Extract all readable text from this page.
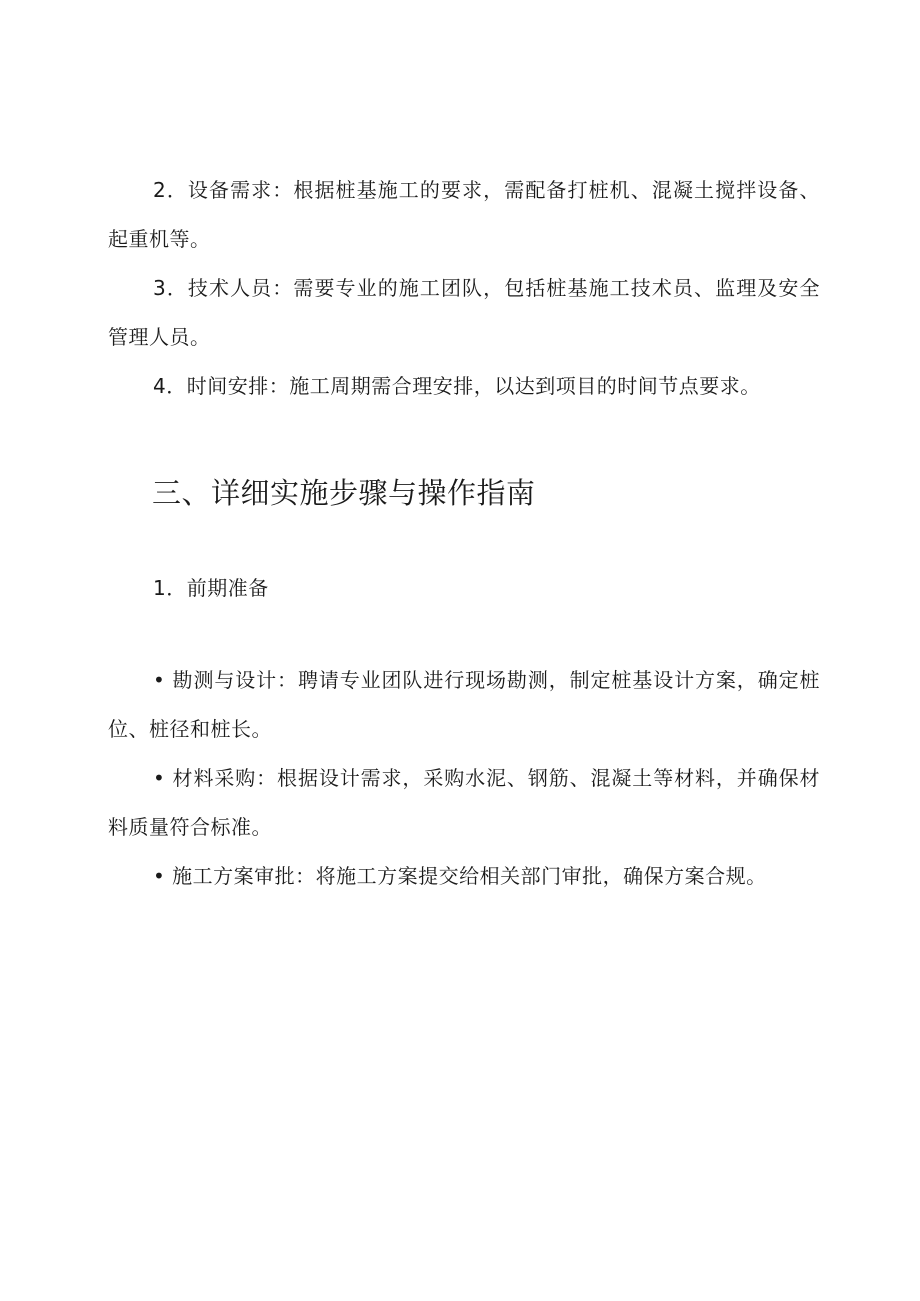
2．设备需求：根据桩基施工的要求，需配备打桩机、混凝土搅拌设备、起重机等。

3．技术人员：需要专业的施工团队，包括桩基施工技术员、监理及安全管理人员。

4．时间安排：施工周期需合理安排，以达到项目的时间节点要求。

三、详细实施步骤与操作指南

1．前期准备

• 勘测与设计：聘请专业团队进行现场勘测，制定桩基设计方案，确定桩位、桩径和桩长。

• 材料采购：根据设计需求，采购水泥、钢筋、混凝土等材料，并确保材料质量符合标准。

• 施工方案审批：将施工方案提交给相关部门审批，确保方案合规。
